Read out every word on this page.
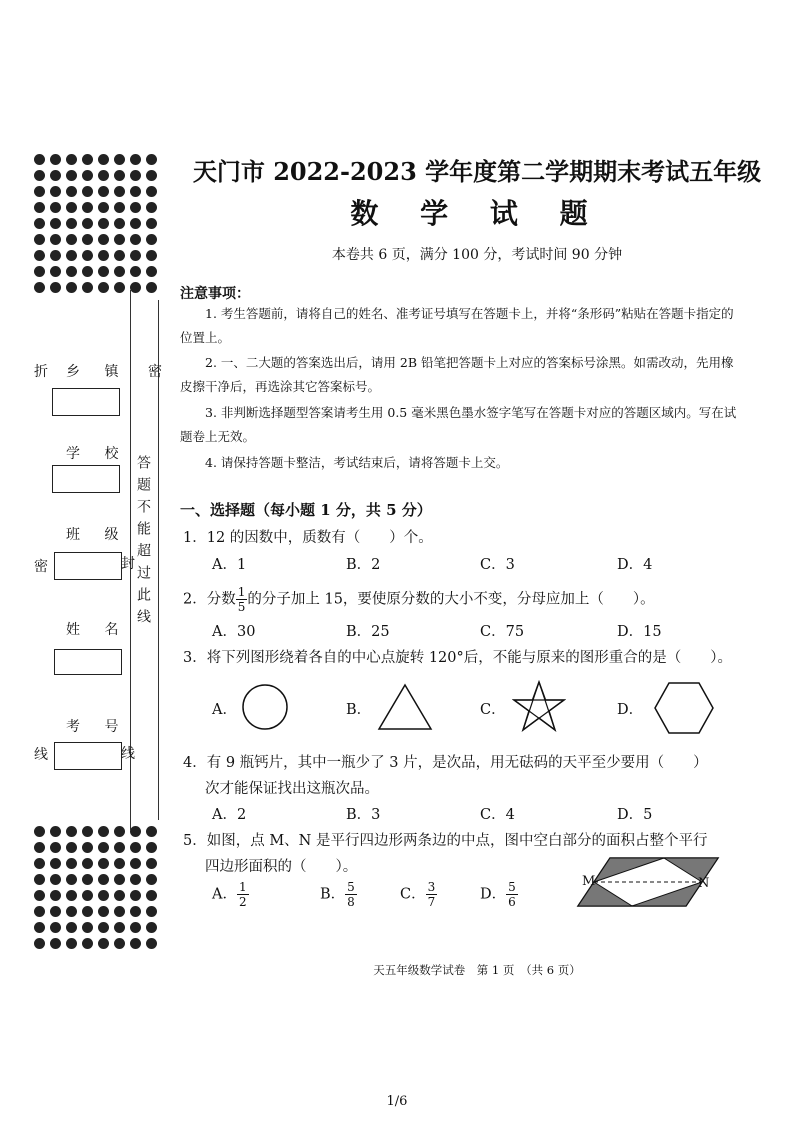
折 乡 镇 密
学 校
班 级
密	封
姓 名
考 号
线	线
答题不能超过此线
天门市 2022-2023 学年度第二学期期末考试五年级
数 学 试 题
本卷共 6 页，满分 100 分，考试时间 90 分钟
注意事项：
1. 考生答题前，请将自己的姓名、准考证号填写在答题卡上，并将“条形码”粘贴在答题卡指定的位置上。
2. 一、二大题的答案选出后，请用 2B 铅笔把答题卡上对应的答案标号涂黑。如需改动，先用橡皮擦干净后，再选涂其它答案标号。
3. 非判断选择题型答案请考生用 0.5 毫米黑色墨水签字笔写在答题卡对应的答题区域内。写在试题卷上无效。
4. 请保持答题卡整洁，考试结束后，请将答题卡上交。
一、选择题（每小题 1 分，共 5 分）
1．12 的因数中，质数有（　　）个。
A．1	B．2	C．3	D．4
2．分数 $\frac{1}{5}$ 的分子加上 15，要使原分数的大小不变，分母应加上（　　）。
A．30	B．25	C．75	D．15
3．将下列图形绕着各自的中心点旋转 120°后，不能与原来的图形重合的是（　　）。
A．	B．	C．	D．
4．有 9 瓶钙片，其中一瓶少了 3 片，是次品，用无砝码的天平至少要用（　　）
次才能保证找出这瓶次品。
A．2	B．3	C．4	D．5
5．如图，点 M、N 是平行四边形两条边的中点，图中空白部分的面积占整个平行
四边形面积的（　　）。
A． $\frac{1}{2}$	B． $\frac{5}{8}$	C． $\frac{3}{7}$	D． $\frac{5}{6}$	M	N
天五年级数学试卷　第 1 页　（共 6 页）
1/6
